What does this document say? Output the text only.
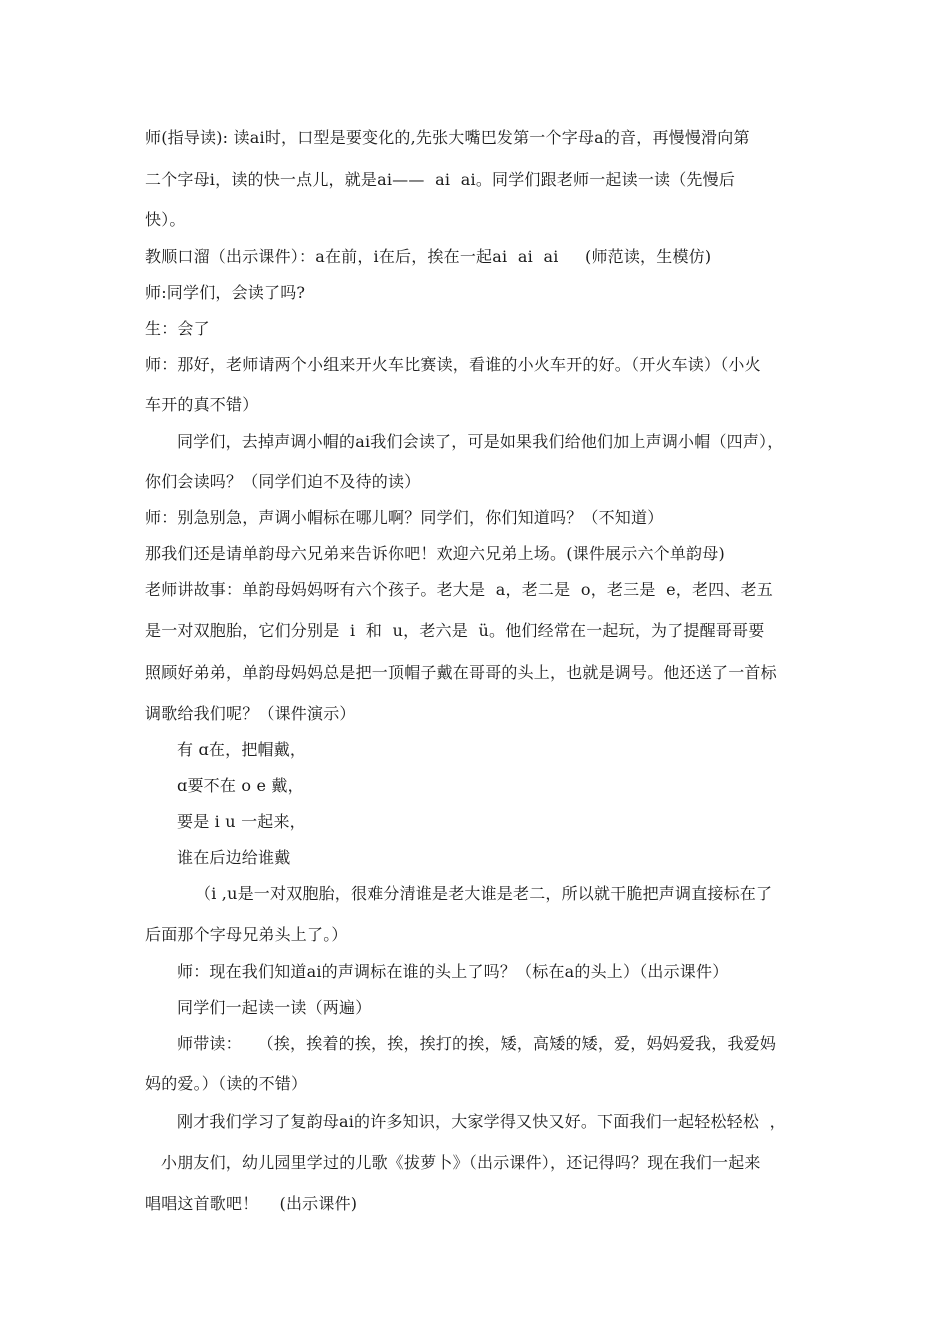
师(指导读): 读ai时，口型是要变化的,先张大嘴巴发第一个字母a的音，再慢慢滑向第
二个字母i，读的快一点儿，就是ai——  ai  ai。同学们跟老师一起读一读（先慢后
快）。
教顺口溜（出示课件）：a在前，i在后，挨在一起ai  ai  ai     (师范读，生模仿)
师:同学们，会读了吗?
生：会了
师：那好，老师请两个小组来开火车比赛读，看谁的小火车开的好。（开火车读）（小火
车开的真不错）
同学们，去掉声调小帽的ai我们会读了，可是如果我们给他们加上声调小帽（四声），
你们会读吗？（同学们迫不及待的读）
师：别急别急，声调小帽标在哪儿啊？同学们，你们知道吗？（不知道）
那我们还是请单韵母六兄弟来告诉你吧！欢迎六兄弟上场。(课件展示六个单韵母)
老师讲故事：单韵母妈妈呀有六个孩子。老大是  a，老二是  o，老三是  e，老四、老五
是一对双胞胎，它们分别是  i  和  u，老六是  ü。他们经常在一起玩，为了提醒哥哥要
照顾好弟弟，单韵母妈妈总是把一顶帽子戴在哥哥的头上，也就是调号。他还送了一首标
调歌给我们呢？（课件演示）
有 ɑ在，把帽戴，
ɑ要不在 o e 戴，
要是 i u 一起来，
谁在后边给谁戴
（i ,u是一对双胞胎，很难分清谁是老大谁是老二，所以就干脆把声调直接标在了
后面那个字母兄弟头上了。）
师：现在我们知道ai的声调标在谁的头上了吗？（标在a的头上）（出示课件）
同学们一起读一读（两遍）
师带读：   （挨，挨着的挨，挨，挨打的挨，矮，高矮的矮，爱，妈妈爱我，我爱妈
妈的爱。）（读的不错）
刚才我们学习了复韵母ai的许多知识，大家学得又快又好。下面我们一起轻松轻松  ，
小朋友们，幼儿园里学过的儿歌《拔萝卜》（出示课件），还记得吗？现在我们一起来
唱唱这首歌吧！    (出示课件)
